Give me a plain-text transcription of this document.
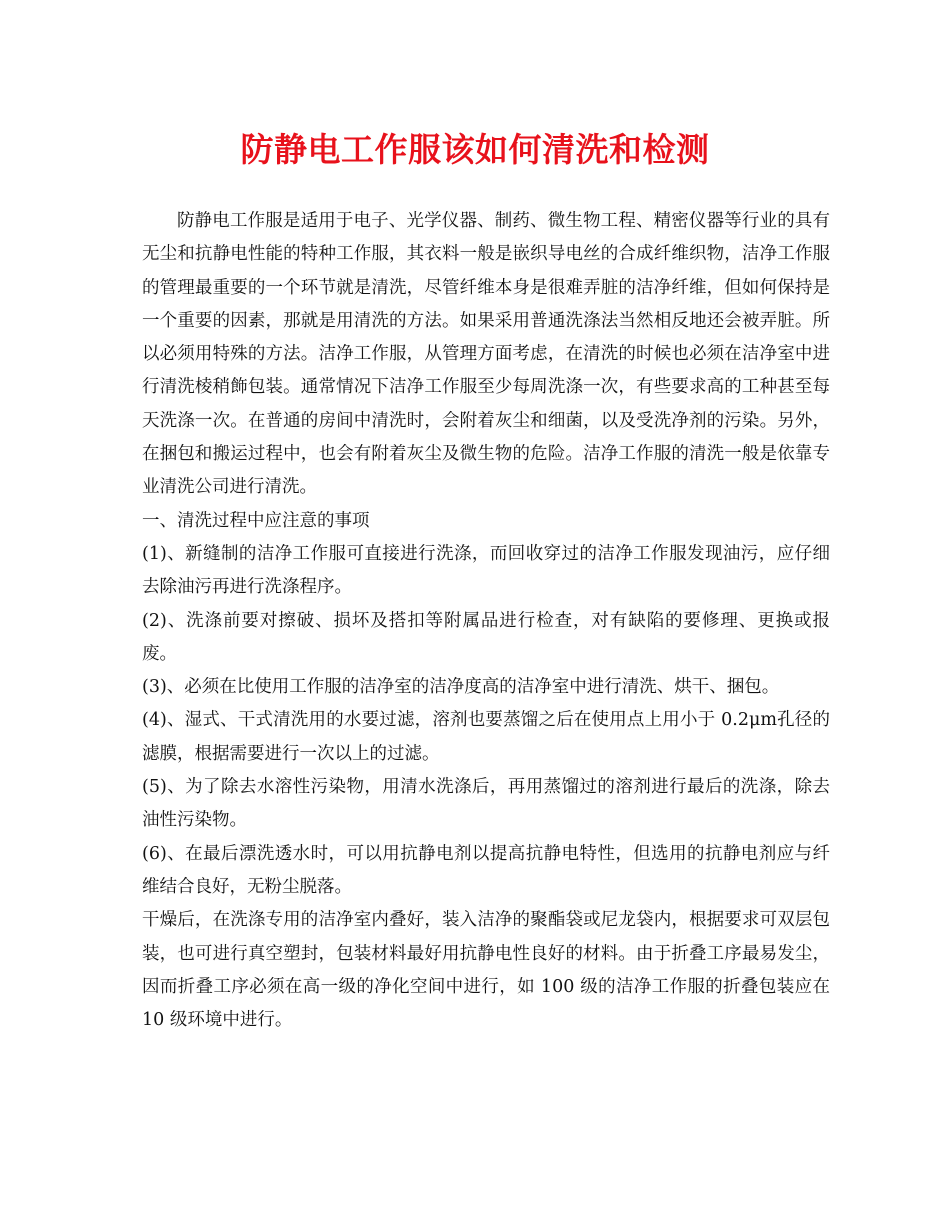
防静电工作服该如何清洗和检测

防静电工作服是适用于电子、光学仪器、制药、微生物工程、精密仪器等行业的具有无尘和抗静电性能的特种工作服，其衣料一般是嵌织导电丝的合成纤维织物，洁净工作服的管理最重要的一个环节就是清洗，尽管纤维本身是很难弄脏的洁净纤维，但如何保持是一个重要的因素，那就是用清洗的方法。如果采用普通洗涤法当然相反地还会被弄脏。所以必须用特殊的方法。洁净工作服，从管理方面考虑，在清洗的时候也必须在洁净室中进行清洗棱稍飾包装。通常情况下洁净工作服至少每周洗涤一次，有些要求高的工种甚至每天洗涤一次。在普通的房间中清洗时，会附着灰尘和细菌，以及受洗净剂的污染。另外，在捆包和搬运过程中，也会有附着灰尘及微生物的危险。洁净工作服的清洗一般是依靠专业清洗公司进行清洗。

一、清洗过程中应注意的事项

(1)、新缝制的洁净工作服可直接进行洗涤，而回收穿过的洁净工作服发现油污，应仔细去除油污再进行洗涤程序。

(2)、洗涤前要对擦破、损坏及搭扣等附属品进行检查，对有缺陷的要修理、更换或报废。

(3)、必须在比使用工作服的洁净室的洁净度高的洁净室中进行清洗、烘干、捆包。

(4)、湿式、干式清洗用的水要过滤，溶剂也要蒸馏之后在使用点上用小于 0.2μm孔径的滤膜，根据需要进行一次以上的过滤。

(5)、为了除去水溶性污染物，用清水洗涤后，再用蒸馏过的溶剂进行最后的洗涤，除去油性污染物。

(6)、在最后漂洗透水时，可以用抗静电剂以提高抗静电特性，但选用的抗静电剂应与纤维结合良好，无粉尘脱落。

干燥后，在洗涤专用的洁净室内叠好，装入洁净的聚酯袋或尼龙袋内，根据要求可双层包装，也可进行真空塑封，包装材料最好用抗静电性良好的材料。由于折叠工序最易发尘，因而折叠工序必须在高一级的净化空间中进行，如 100 级的洁净工作服的折叠包装应在 10 级环境中进行。
